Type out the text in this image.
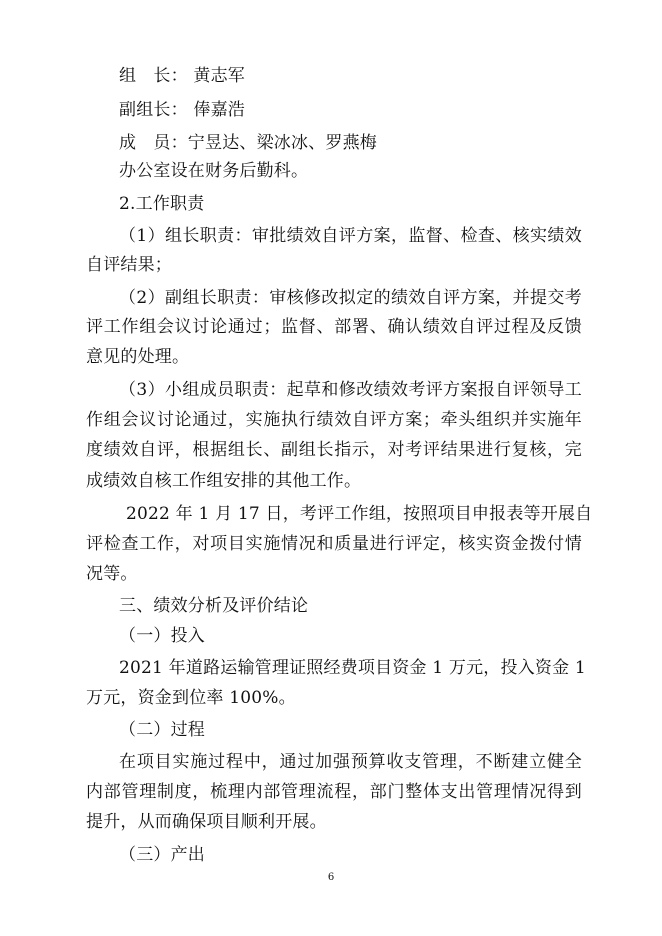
组　长： 黄志军
副组长： 俸嘉浩
成　员：宁昱达、梁冰冰、罗燕梅
办公室设在财务后勤科。
2.工作职责
（1）组长职责：审批绩效自评方案，监督、检查、核实绩效
自评结果；
（2）副组长职责：审核修改拟定的绩效自评方案，并提交考
评工作组会议讨论通过；监督、部署、确认绩效自评过程及反馈
意见的处理。
（3）小组成员职责：起草和修改绩效考评方案报自评领导工
作组会议讨论通过，实施执行绩效自评方案；牵头组织并实施年
度绩效自评，根据组长、副组长指示，对考评结果进行复核，完
成绩效自核工作组安排的其他工作。
2022 年 1 月 17 日，考评工作组，按照项目申报表等开展自
评检查工作，对项目实施情况和质量进行评定，核实资金拨付情
况等。
三、绩效分析及评价结论
（一）投入
2021 年道路运输管理证照经费项目资金 1 万元，投入资金 1
万元，资金到位率 100%。
（二）过程
在项目实施过程中，通过加强预算收支管理，不断建立健全
内部管理制度，梳理内部管理流程，部门整体支出管理情况得到
提升，从而确保项目顺利开展。
（三）产出
6
